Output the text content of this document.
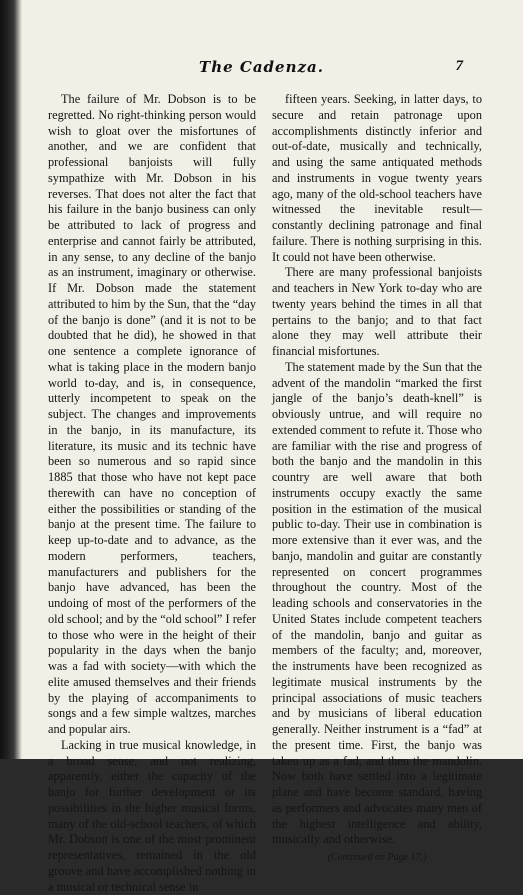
The Cadenza.	7

The failure of Mr. Dobson is to be regretted. No right-thinking person would wish to gloat over the misfortunes of another, and we are confident that professional banjoists will fully sympathize with Mr. Dobson in his reverses. That does not alter the fact that his failure in the banjo business can only be attributed to lack of progress and enterprise and cannot fairly be attributed, in any sense, to any decline of the banjo as an instrument, imaginary or otherwise. If Mr. Dobson made the statement attributed to him by the Sun, that the “day of the banjo is done” (and it is not to be doubted that he did), he showed in that one sentence a complete ignorance of what is taking place in the modern banjo world to-day, and is, in consequence, utterly incompetent to speak on the subject. The changes and improvements in the banjo, in its manufacture, its literature, its music and its technic have been so numerous and so rapid since 1885 that those who have not kept pace therewith can have no conception of either the possibilities or standing of the banjo at the present time. The failure to keep up-to-date and to advance, as the modern performers, teachers, manufacturers and publishers for the banjo have advanced, has been the undoing of most of the performers of the old school; and by the “old school” I refer to those who were in the height of their popularity in the days when the banjo was a fad with society—with which the elite amused themselves and their friends by the playing of accompaniments to songs and a few simple waltzes, marches and popular airs.

Lacking in true musical knowledge, in a broad sense, and not realizing, apparently, either the capacity of the banjo for further development or its possibilities in the higher musical forms, many of the old-school teachers, of which Mr. Dobson is one of the most prominent representatives, remained in the old groove and have accomplished nothing in a musical or technical sense in

fifteen years. Seeking, in latter days, to secure and retain patronage upon accomplishments distinctly inferior and out-of-date, musically and technically, and using the same antiquated methods and instruments in vogue twenty years ago, many of the old-school teachers have witnessed the inevitable result—constantly declining patronage and final failure. There is nothing surprising in this. It could not have been otherwise.

There are many professional banjoists and teachers in New York to-day who are twenty years behind the times in all that pertains to the banjo; and to that fact alone they may well attribute their financial misfortunes.

The statement made by the Sun that the advent of the mandolin “marked the first jangle of the banjo’s death-knell” is obviously untrue, and will require no extended comment to refute it. Those who are familiar with the rise and progress of both the banjo and the mandolin in this country are well aware that both instruments occupy exactly the same position in the estimation of the musical public to-day. Their use in combination is more extensive than it ever was, and the banjo, mandolin and guitar are constantly represented on concert programmes throughout the country. Most of the leading schools and conservatories in the United States include competent teachers of the mandolin, banjo and guitar as members of the faculty; and, moreover, the instruments have been recognized as legitimate musical instruments by the principal associations of music teachers and by musicians of liberal education generally. Neither instrument is a “fad” at the present time. First, the banjo was taken up as a fad, and then the mandolin. Now both have settled into a legitimate plane and have become standard, having as performers and advocates many men of the highest intelligence and ability, musically and otherwise.

(Continued on Page 17.)
